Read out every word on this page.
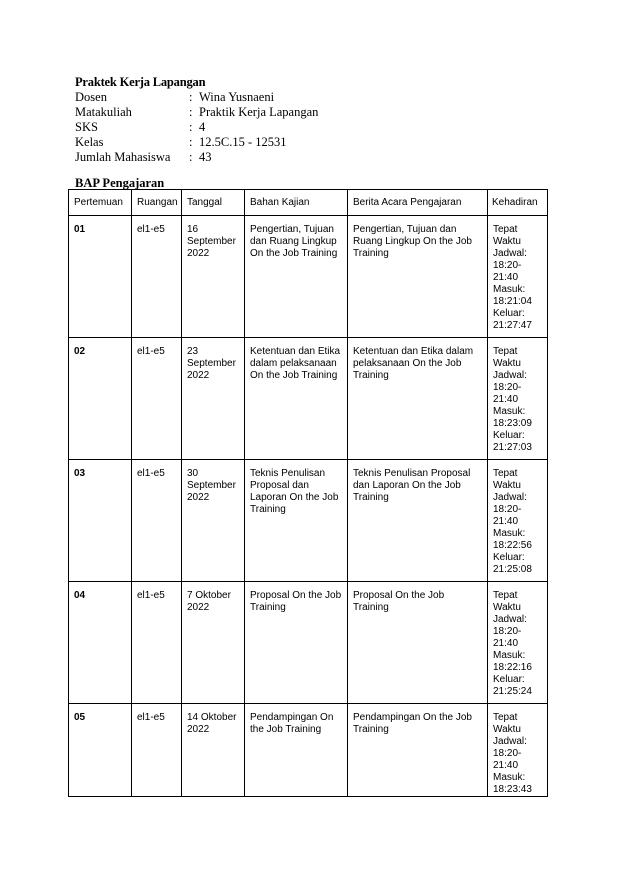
Praktek Kerja Lapangan
Dosen	: Wina Yusnaeni
Matakuliah	: Praktik Kerja Lapangan
SKS	: 4
Kelas	: 12.5C.15 - 12531
Jumlah Mahasiswa : 43
BAP Pengajaran
Pertemuan	Ruangan	Tanggal	Bahan Kajian	Berita Acara Pengajaran	Kehadiran
01	el1-e5	16 September 2022	Pengertian, Tujuan dan Ruang Lingkup On the Job Training	Pengertian, Tujuan dan Ruang Lingkup On the Job Training	Tepat Waktu Jadwal: 18:20-21:40 Masuk: 18:21:04 Keluar: 21:27:47
02	el1-e5	23 September 2022	Ketentuan dan Etika dalam pelaksanaan On the Job Training	Ketentuan dan Etika dalam pelaksanaan On the Job Training	Tepat Waktu Jadwal: 18:20-21:40 Masuk: 18:23:09 Keluar: 21:27:03
03	el1-e5	30 September 2022	Teknis Penulisan Proposal dan Laporan On the Job Training	Teknis Penulisan Proposal dan Laporan On the Job Training	Tepat Waktu Jadwal: 18:20-21:40 Masuk: 18:22:56 Keluar: 21:25:08
04	el1-e5	7 Oktober 2022	Proposal On the Job Training	Proposal On the Job Training	Tepat Waktu Jadwal: 18:20-21:40 Masuk: 18:22:16 Keluar: 21:25:24
05	el1-e5	14 Oktober 2022	Pendampingan On the Job Training	Pendampingan On the Job Training	Tepat Waktu Jadwal: 18:20-21:40 Masuk: 18:23:43
